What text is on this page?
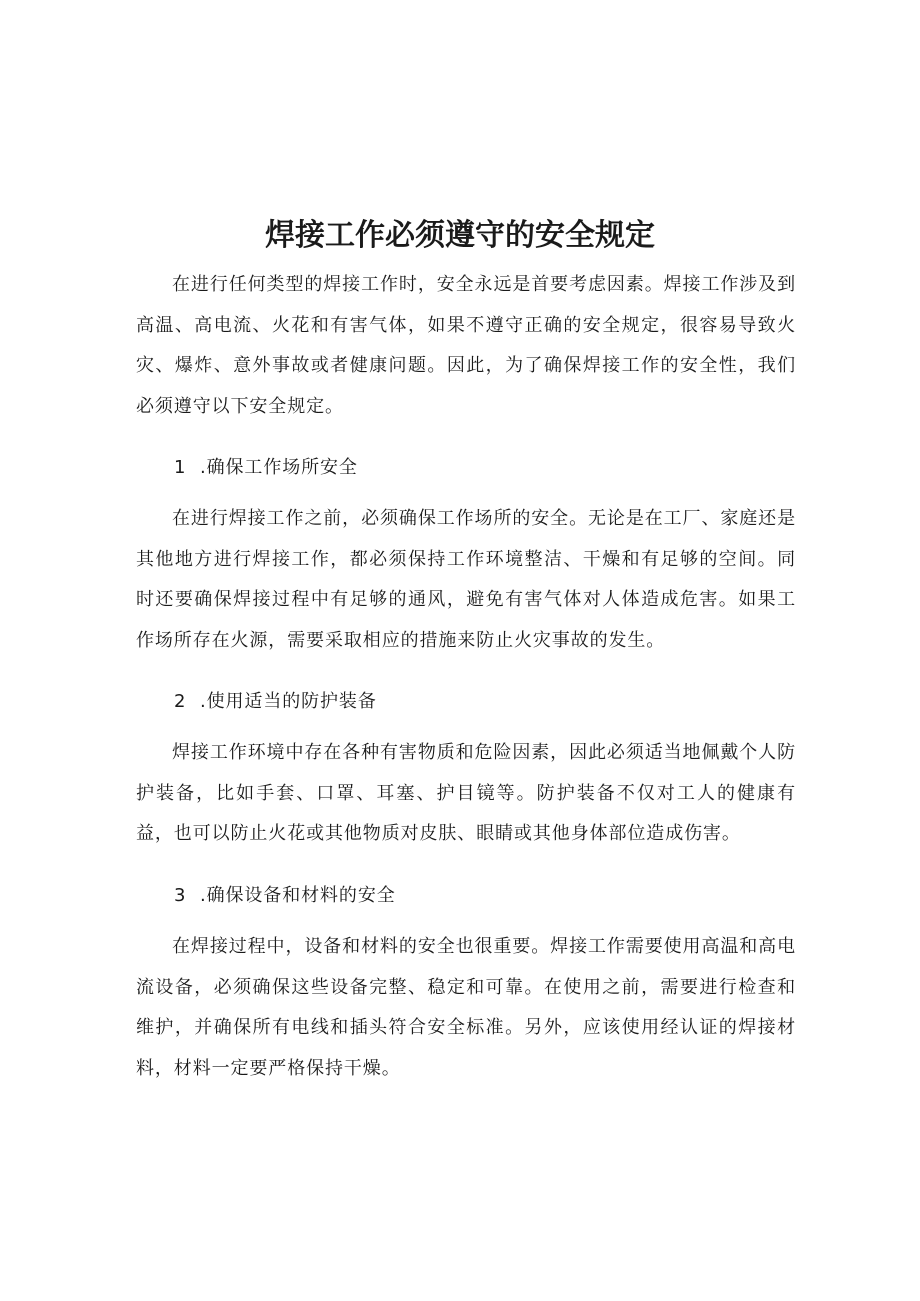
焊接工作必须遵守的安全规定

在进行任何类型的焊接工作时，安全永远是首要考虑因素。焊接工作涉及到高温、高电流、火花和有害气体，如果不遵守正确的安全规定，很容易导致火灾、爆炸、意外事故或者健康问题。因此，为了确保焊接工作的安全性，我们必须遵守以下安全规定。

1 .确保工作场所安全

在进行焊接工作之前，必须确保工作场所的安全。无论是在工厂、家庭还是其他地方进行焊接工作，都必须保持工作环境整洁、干燥和有足够的空间。同时还要确保焊接过程中有足够的通风，避免有害气体对人体造成危害。如果工作场所存在火源，需要采取相应的措施来防止火灾事故的发生。

2 .使用适当的防护装备

焊接工作环境中存在各种有害物质和危险因素，因此必须适当地佩戴个人防护装备，比如手套、口罩、耳塞、护目镜等。防护装备不仅对工人的健康有益，也可以防止火花或其他物质对皮肤、眼睛或其他身体部位造成伤害。

3 .确保设备和材料的安全

在焊接过程中，设备和材料的安全也很重要。焊接工作需要使用高温和高电流设备，必须确保这些设备完整、稳定和可靠。在使用之前，需要进行检查和维护，并确保所有电线和插头符合安全标准。另外，应该使用经认证的焊接材料，材料一定要严格保持干燥。
